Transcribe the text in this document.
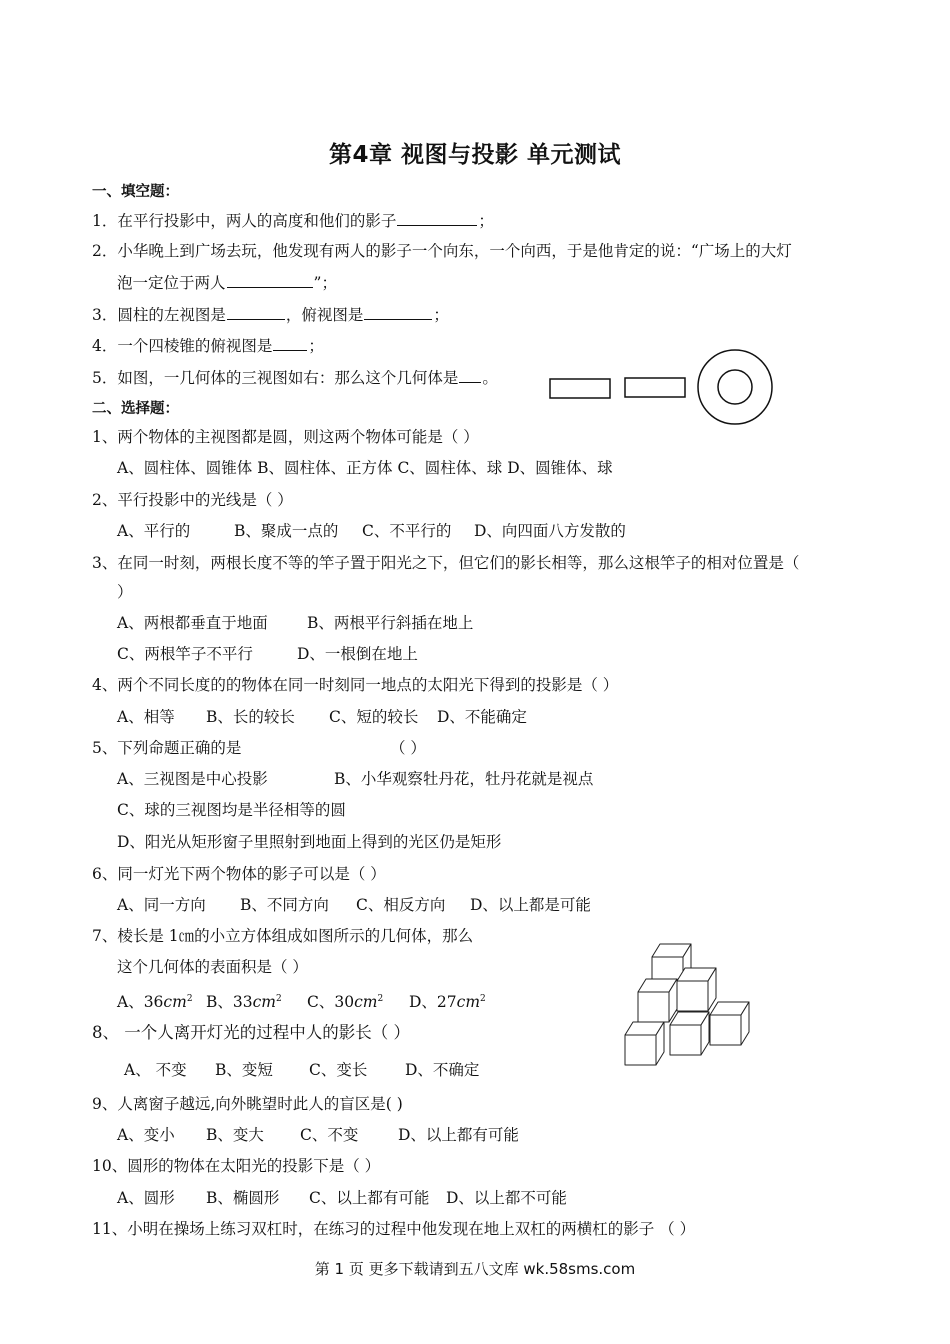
第4章 视图与投影 单元测试
一、填空题：
1．在平行投影中，两人的高度和他们的影子	；
2．小华晚上到广场去玩，他发现有两人的影子一个向东，一个向西，于是他肯定的说：“广场上的大灯
泡一定位于两人	”；
3．圆柱的左视图是	，俯视图是	；
4．一个四棱锥的俯视图是 ；
5．如图，一几何体的三视图如右：那么这个几何体是 。
二、选择题：
1、两个物体的主视图都是圆，则这两个物体可能是（ ）
A、圆柱体、圆锥体 B、圆柱体、正方体 C、圆柱体、球 D、圆锥体、球
2、平行投影中的光线是（ ）
A、平行的	B、聚成一点的 C、不平行的 D、向四面八方发散的
3、在同一时刻，两根长度不等的竿子置于阳光之下，但它们的影长相等，那么这根竿子的相对位置是（
）
A、两根都垂直于地面	B、两根平行斜插在地上
C、两根竿子不平行	D、一根倒在地上
4、两个不同长度的的物体在同一时刻同一地点的太阳光下得到的投影是（ ）
A、相等 B、长的较长 C、短的较长 D、不能确定
5、下列命题正确的是	（ ）
A、三视图是中心投影	B、小华观察牡丹花，牡丹花就是视点
C、球的三视图均是半径相等的圆
D、阳光从矩形窗子里照射到地面上得到的光区仍是矩形
6、同一灯光下两个物体的影子可以是（ ）
A、同一方向 B、不同方向 C、相反方向 D、以上都是可能
7、棱长是 1㎝的小立方体组成如图所示的几何体，那么
这个几何体的表面积是（ ）
A、$36cm^2$ B、$33cm^2$ C、$30cm^2$ D、$27cm^2$
8、 一个人离开灯光的过程中人的影长（ ）
A、 不变 B、变短 C、变长 D、不确定
9、人离窗子越远,向外眺望时此人的盲区是( )
A、变小 B、变大 C、不变	D、以上都有可能
10、圆形的物体在太阳光的投影下是（ ）
A、圆形 B、椭圆形 C、以上都有可能 D、以上都不可能
11、小明在操场上练习双杠时，在练习的过程中他发现在地上双杠的两横杠的影子 （ ）
第 1 页 更多下载请到五八文库 wk.58sms.com
